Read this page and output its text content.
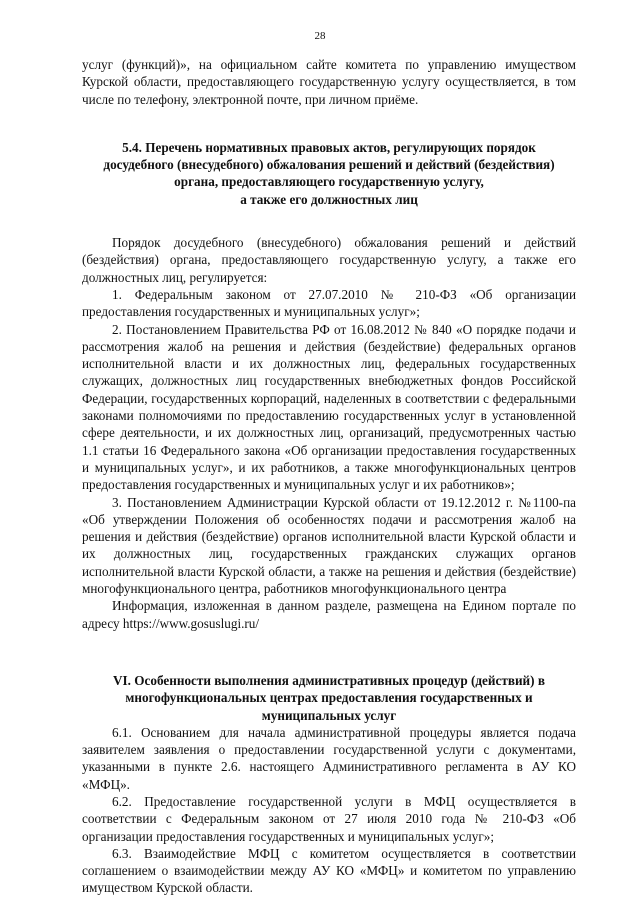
28

услуг (функций)», на официальном сайте комитета по управлению имуществом Курской области, предоставляющего государственную услугу осуществляется, в том числе по телефону, электронной почте, при личном приёме.

5.4. Перечень нормативных правовых актов, регулирующих порядок
досудебного (внесудебного) обжалования решений и действий (бездействия)
органа, предоставляющего государственную услугу,
а также его должностных лиц

Порядок досудебного (внесудебного) обжалования решений и действий (бездействия) органа, предоставляющего государственную услугу, а также его должностных лиц, регулируется:

1. Федеральным законом от 27.07.2010 № 210-ФЗ «Об организации предоставления государственных и муниципальных услуг»;

2. Постановлением Правительства РФ от 16.08.2012 № 840 «О порядке подачи и рассмотрения жалоб на решения и действия (бездействие) федеральных органов исполнительной власти и их должностных лиц, федеральных государственных служащих, должностных лиц государственных внебюджетных фондов Российской Федерации, государственных корпораций, наделенных в соответствии с федеральными законами полномочиями по предоставлению государственных услуг в установленной сфере деятельности, и их должностных лиц, организаций, предусмотренных частью 1.1 статьи 16 Федерального закона «Об организации предоставления государственных и муниципальных услуг», и их работников, а также многофункциональных центров предоставления государственных и муниципальных услуг и их работников»;

3. Постановлением Администрации Курской области от 19.12.2012 г. №1100-па «Об утверждении Положения об особенностях подачи и рассмотрения жалоб на решения и действия (бездействие) органов исполнительной власти Курской области и их должностных лиц, государственных гражданских служащих органов исполнительной власти Курской области, а также на решения и действия (бездействие) многофункционального центра, работников многофункционального центра

Информация, изложенная в данном разделе, размещена на Едином портале по адресу https://www.gosuslugi.ru/

VI. Особенности выполнения административных процедур (действий) в
многофункциональных центрах предоставления государственных и
муниципальных услуг

6.1. Основанием для начала административной процедуры является подача заявителем заявления о предоставлении государственной услуги с документами, указанными в пункте 2.6. настоящего Административного регламента в АУ КО «МФЦ».

6.2. Предоставление государственной услуги в МФЦ осуществляется в соответствии с Федеральным законом от 27 июля 2010 года № 210-ФЗ «Об организации предоставления государственных и муниципальных услуг»;

6.3. Взаимодействие МФЦ с комитетом осуществляется в соответствии соглашением о взаимодействии между АУ КО «МФЦ» и комитетом по управлению имуществом Курской области.
